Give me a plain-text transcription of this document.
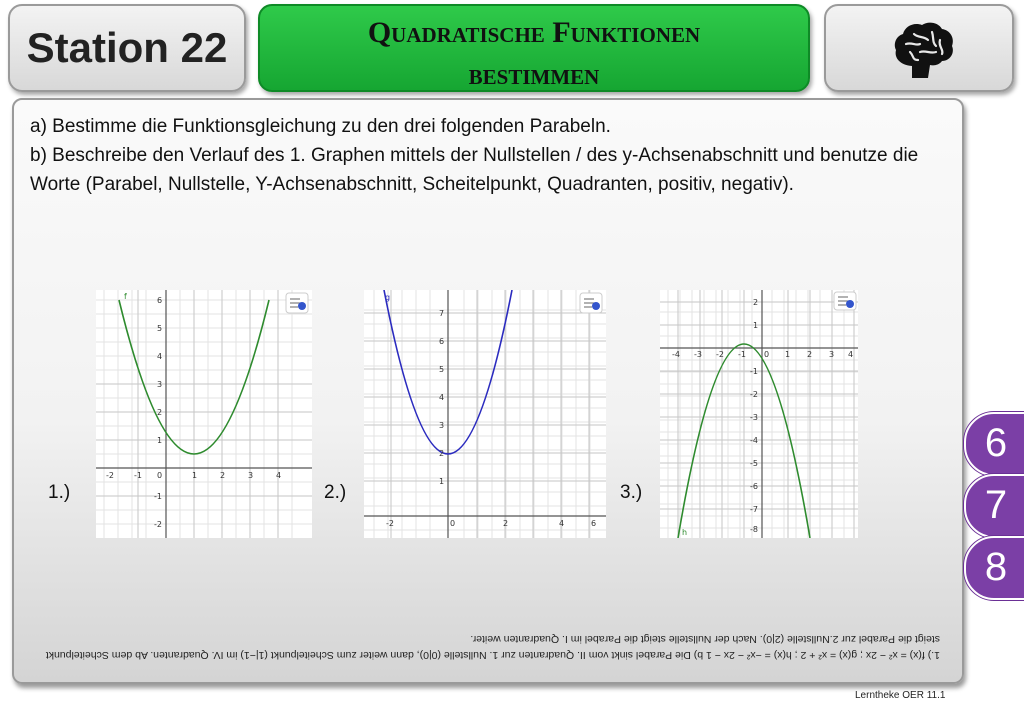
Station 22	Quadratische Funktionen
bestimmen
a) Bestimme die Funktionsgleichung zu den drei folgenden Parabeln.
b) Beschreibe den Verlauf des 1. Graphen mittels der Nullstellen / des y-Achsenabschnitt und benutze die Worte (Parabel, Nullstelle, Y-Achsenabschnitt, Scheitelpunkt, Quadranten, positiv, negativ).
-2	-1 0	1	2	3	4
6
5
4
3
2
1
-1
-2
f
-2	0	2	4	6
7
6
5
4
3
2
1
g
-4 -3 -2 -1 0 1 2 3 4
2
1
-1
-2
-3
-4
-5
-6
-7
-8
h
1.)	2.)	3.)
1.) f(x) = x² − 2x ; g(x) = x² + 2 ; h(x) = −x² − 2x − 1 b) Die Parabel sinkt vom II. Quadranten zur 1. Nullstelle (0|0), dann weiter zum Scheitelpunkt (1|−1) im IV. Quadranten. Ab dem Scheitelpunkt
steigt die Parabel zur 2.Nullstelle (2|0). Nach der Nullstelle steigt die Parabel im I. Quadranten weiter.
6
7
8
Lerntheke OER 11.1
